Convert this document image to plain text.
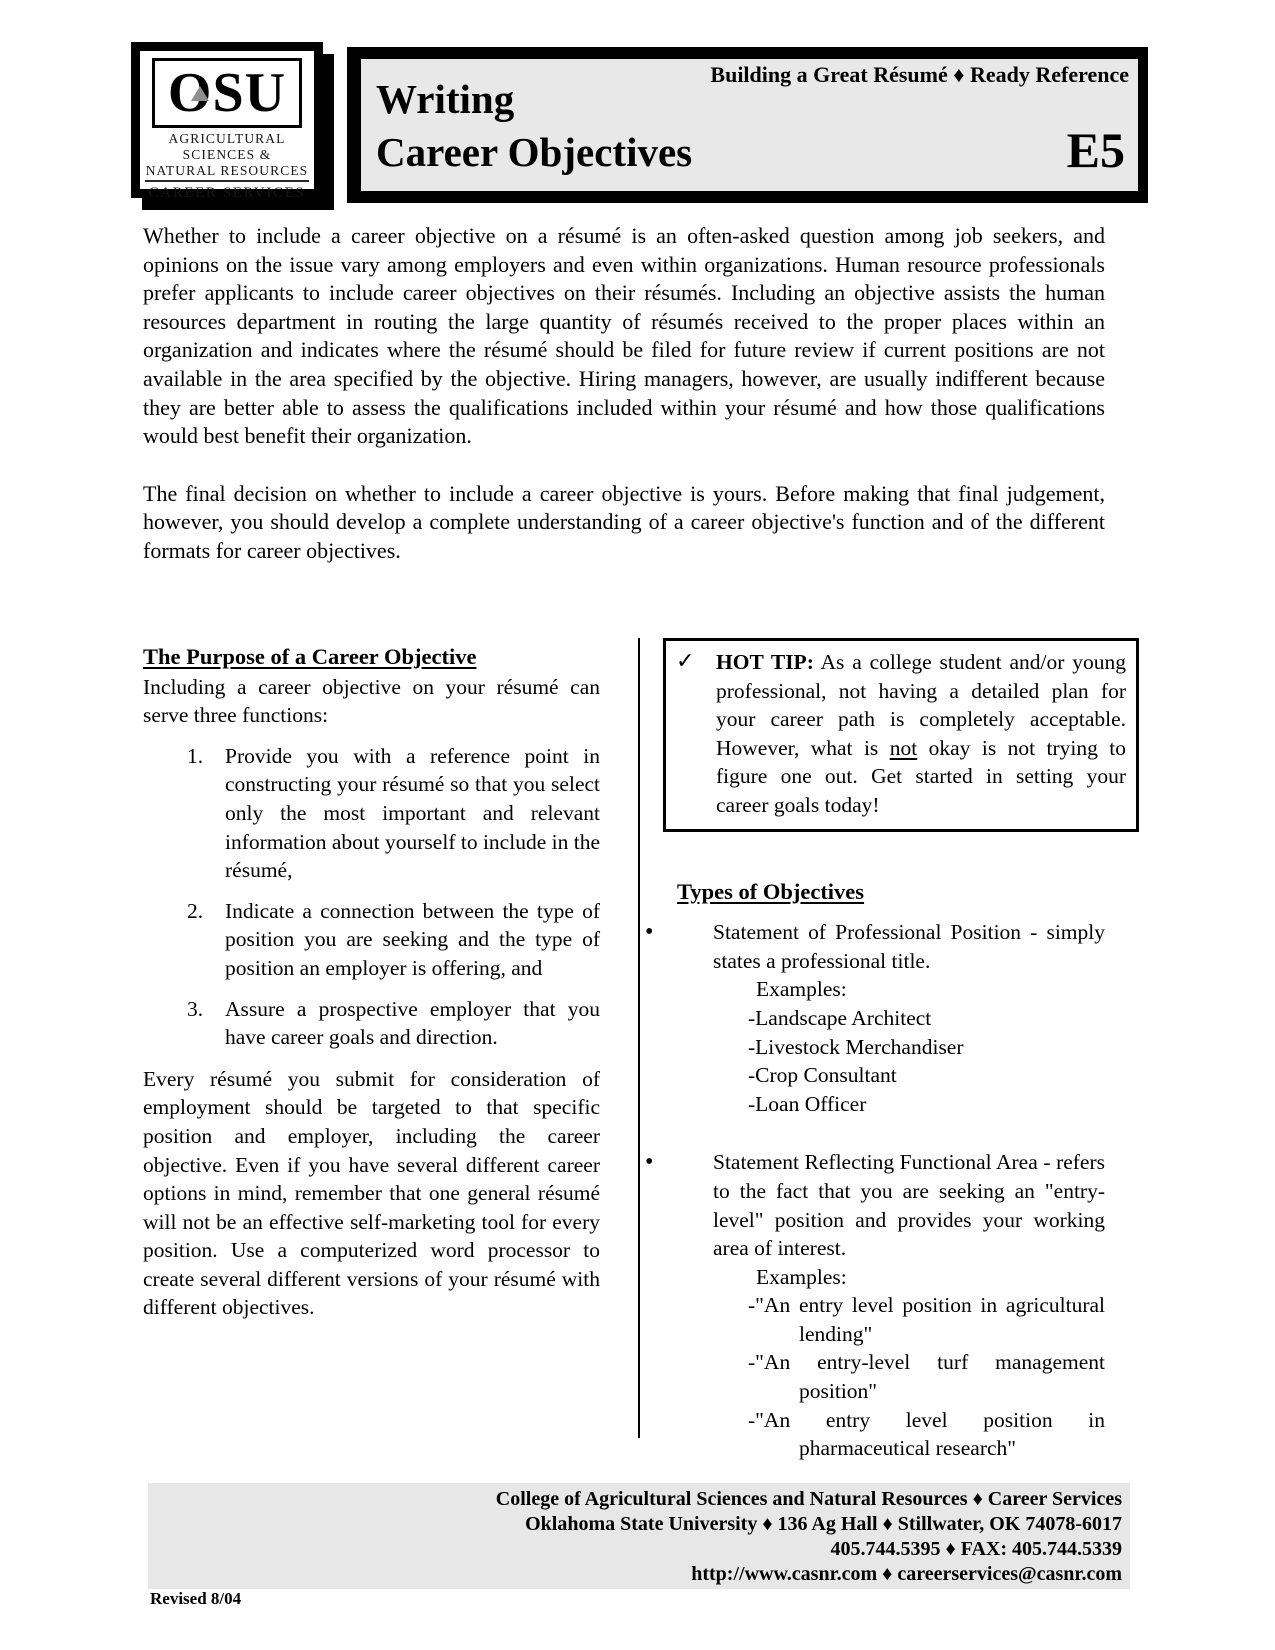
OSU
AGRICULTURAL
SCIENCES &
NATURAL RESOURCES
CAREER SERVICES
Building a Great Résumé ♦ Ready Reference
Writing
Career Objectives	E5

Whether to include a career objective on a résumé is an often-asked question among job seekers, and opinions on the issue vary among employers and even within organizations. Human resource professionals prefer applicants to include career objectives on their résumés. Including an objective assists the human resources department in routing the large quantity of résumés received to the proper places within an organization and indicates where the résumé should be filed for future review if current positions are not available in the area specified by the objective. Hiring managers, however, are usually indifferent because they are better able to assess the qualifications included within your résumé and how those qualifications would best benefit their organization.

The final decision on whether to include a career objective is yours. Before making that final judgement, however, you should develop a complete understanding of a career objective's function and of the different formats for career objectives.

The Purpose of a Career Objective

Including a career objective on your résumé can serve three functions:

1.	Provide you with a reference point in constructing your résumé so that you select only the most important and relevant information about yourself to include in the résumé,
2.	Indicate a connection between the type of position you are seeking and the type of position an employer is offering, and
3.	Assure a prospective employer that you have career goals and direction.

Every résumé you submit for consideration of employment should be targeted to that specific position and employer, including the career objective. Even if you have several different career options in mind, remember that one general résumé will not be an effective self-marketing tool for every position. Use a computerized word processor to create several different versions of your résumé with different objectives.

✓	HOT TIP: As a college student and/or young professional, not having a detailed plan for your career path is completely acceptable. However, what is not okay is not trying to figure one out. Get started in setting your career goals today!
Types of Objectives
•	Statement of Professional Position - simply states a professional title.
Examples:
-Landscape Architect
-Livestock Merchandiser
-Crop Consultant
-Loan Officer
•	Statement Reflecting Functional Area - refers to the fact that you are seeking an "entry-level" position and provides your working area of interest.
Examples:
-"An entry level position in agricultural lending"
-"An entry-level turf management position"
-"An entry level position in pharmaceutical research"
College of Agricultural Sciences and Natural Resources ♦ Career Services
Oklahoma State University ♦ 136 Ag Hall ♦ Stillwater, OK 74078-6017
405.744.5395 ♦ FAX: 405.744.5339
http://www.casnr.com ♦ careerservices@casnr.com
Revised 8/04
